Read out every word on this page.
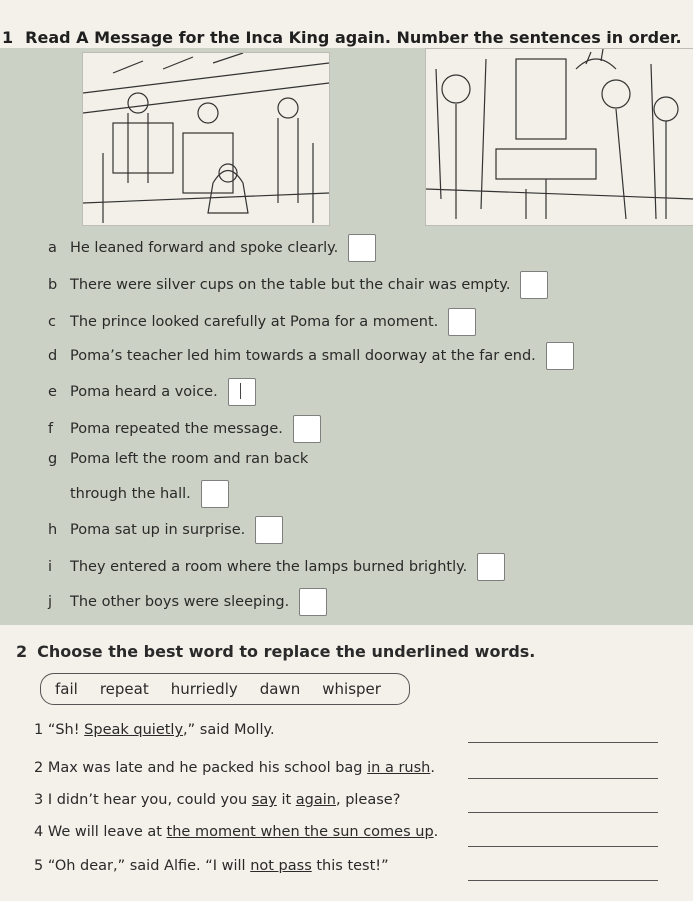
1 Read A Message for the Inca King again. Number the sentences in order.
a He leaned forward and spoke clearly.
b There were silver cups on the table but the chair was empty.
c The prince looked carefully at Poma for a moment.
d Poma’s teacher led him towards a small doorway at the far end.
e Poma heard a voice.
f	Poma repeated the message.
g Poma left the room and ran back
through the hall.
h Poma sat up in surprise.
i	They entered a room where the lamps burned brightly.
j	The other boys were sleeping.
2 Choose the best word to replace the underlined words.
fail repeat hurriedly dawn whisper
1 “Sh! Speak quietly,” said Molly.
2 Max was late and he packed his school bag in a rush.
3 I didn’t hear you, could you say it again, please?
4 We will leave at the moment when the sun comes up.
5 “Oh dear,” said Alfie. “I will not pass this test!”
